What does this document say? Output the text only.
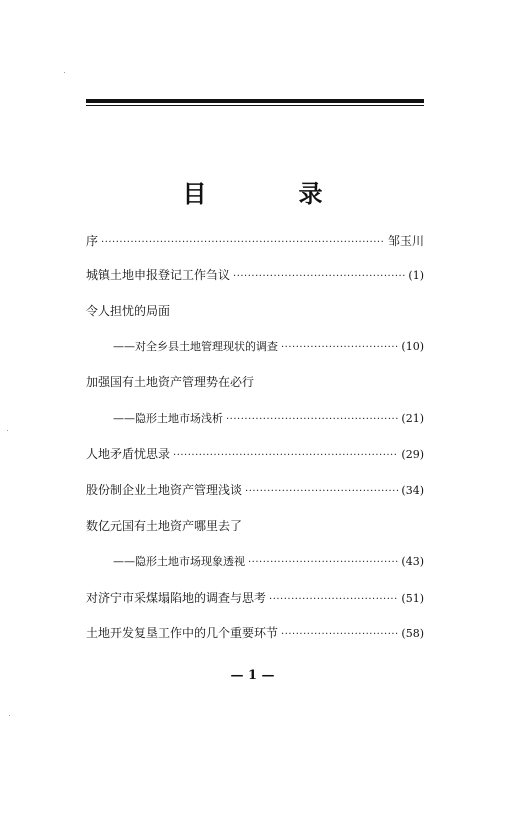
目　录
序 ·····	邹玉川
城镇土地申报登记工作刍议 ·····	(1)
令人担忧的局面
——对全乡县土地管理现状的调查 ·····	(10)
加强国有土地资产管理势在必行
——隐形土地市场浅析 ·····	(21)
人地矛盾忧思录 ·····	(29)
股份制企业土地资产管理浅谈 ·····	(34)
数亿元国有土地资产哪里去了
——隐形土地市场现象透视 ·····	(43)
对济宁市采煤塌陷地的调查与思考 ·····	(51)
土地开发复垦工作中的几个重要环节 ·····	(58)
— 1 —
